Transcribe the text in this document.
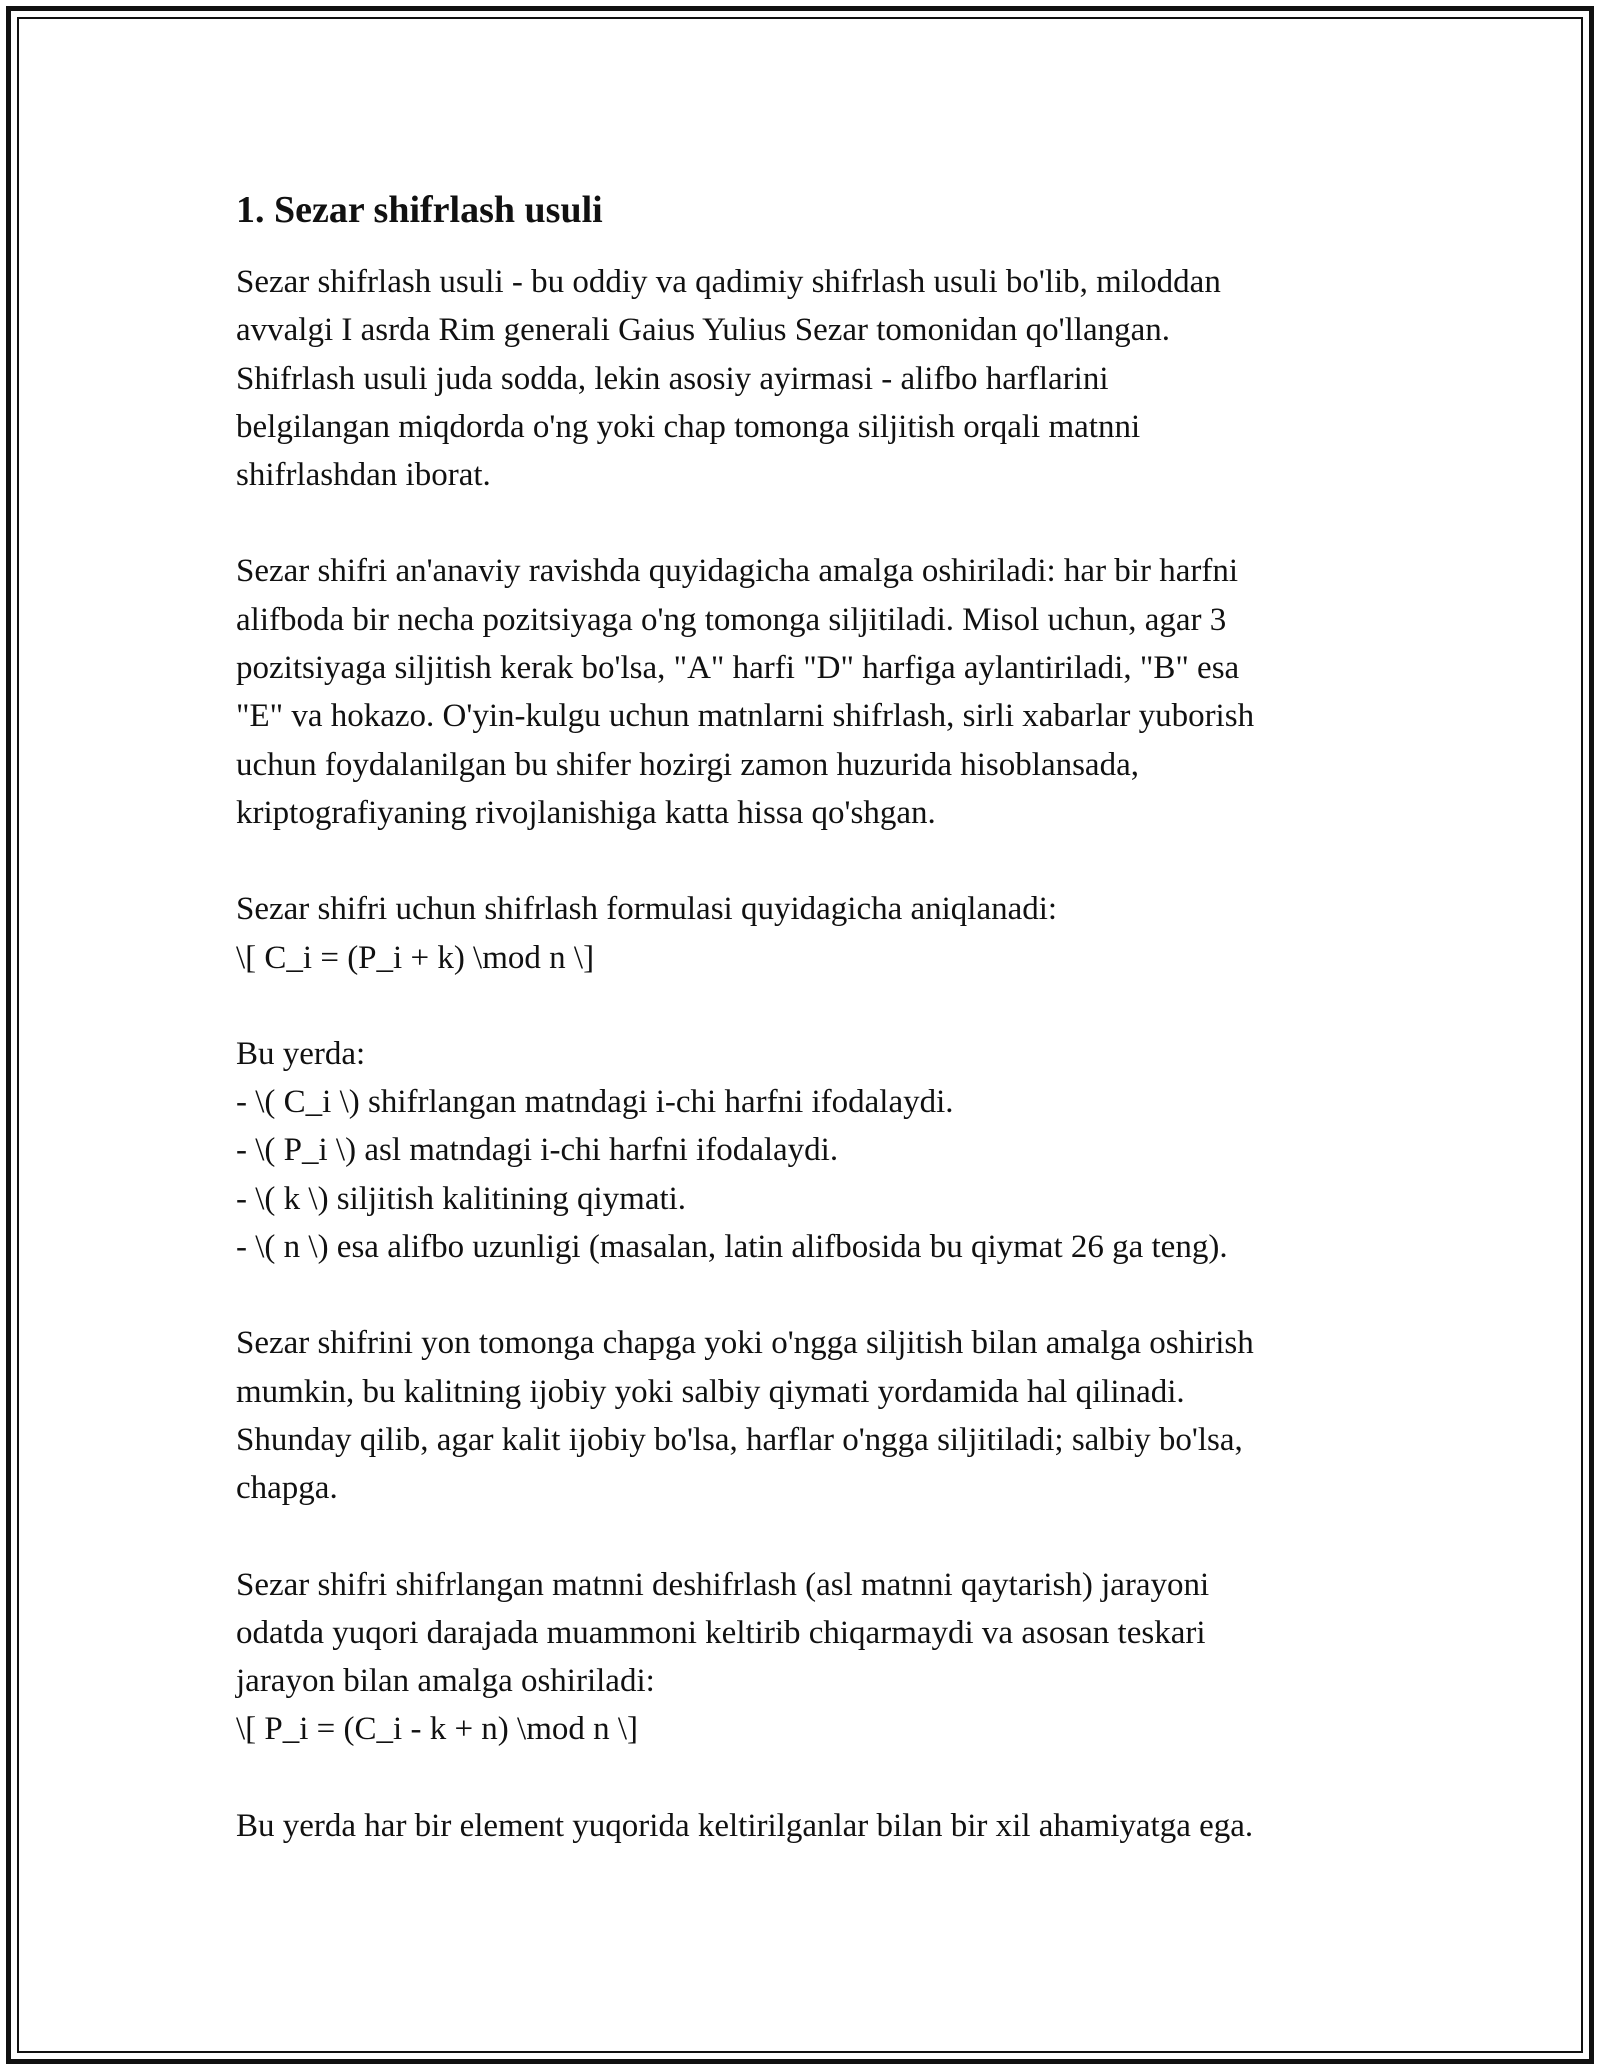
1. Sezar shifrlash usuli

Sezar shifrlash usuli - bu oddiy va qadimiy shifrlash usuli bo'lib, miloddan
avvalgi I asrda Rim generali Gaius Yulius Sezar tomonidan qo'llangan.
Shifrlash usuli juda sodda, lekin asosiy ayirmasi - alifbo harflarini
belgilangan miqdorda o'ng yoki chap tomonga siljitish orqali matnni
shifrlashdan iborat.

Sezar shifri an'anaviy ravishda quyidagicha amalga oshiriladi: har bir harfni
alifboda bir necha pozitsiyaga o'ng tomonga siljitiladi. Misol uchun, agar 3
pozitsiyaga siljitish kerak bo'lsa, "A" harfi "D" harfiga aylantiriladi, "B" esa
"E" va hokazo. O'yin-kulgu uchun matnlarni shifrlash, sirli xabarlar yuborish
uchun foydalanilgan bu shifer hozirgi zamon huzurida hisoblansada,
kriptografiyaning rivojlanishiga katta hissa qo'shgan.

Sezar shifri uchun shifrlash formulasi quyidagicha aniqlanadi:
\[ C_i = (P_i + k) \mod n \]

Bu yerda:
- \( C_i \) shifrlangan matndagi i-chi harfni ifodalaydi.
- \( P_i \) asl matndagi i-chi harfni ifodalaydi.
- \( k \) siljitish kalitining qiymati.
- \( n \) esa alifbo uzunligi (masalan, latin alifbosida bu qiymat 26 ga teng).

Sezar shifrini yon tomonga chapga yoki o'ngga siljitish bilan amalga oshirish
mumkin, bu kalitning ijobiy yoki salbiy qiymati yordamida hal qilinadi.
Shunday qilib, agar kalit ijobiy bo'lsa, harflar o'ngga siljitiladi; salbiy bo'lsa,
chapga.

Sezar shifri shifrlangan matnni deshifrlash (asl matnni qaytarish) jarayoni
odatda yuqori darajada muammoni keltirib chiqarmaydi va asosan teskari
jarayon bilan amalga oshiriladi:
\[ P_i = (C_i - k + n) \mod n \]

Bu yerda har bir element yuqorida keltirilganlar bilan bir xil ahamiyatga ega.
